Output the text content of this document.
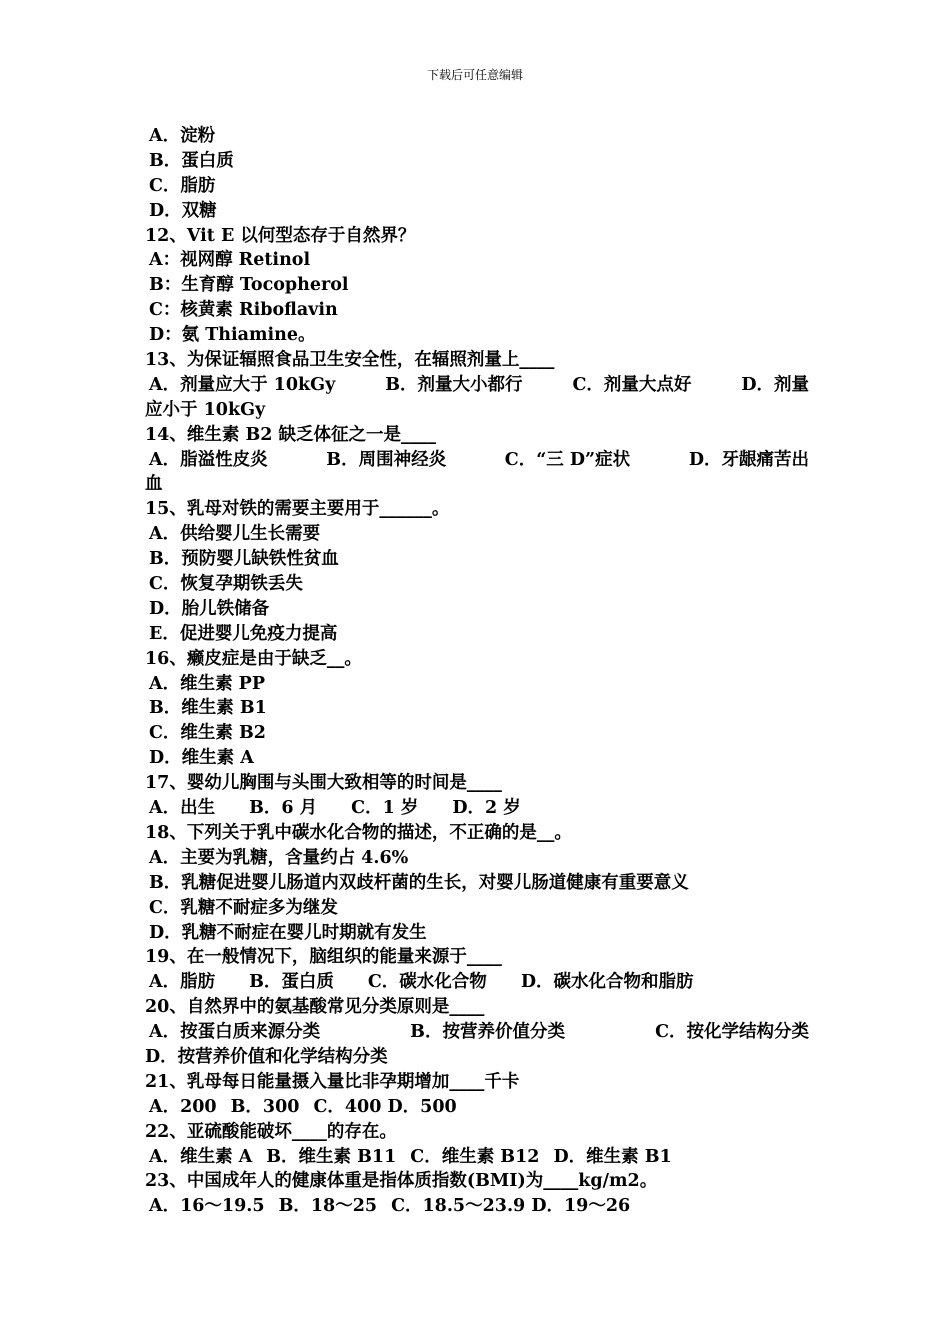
下载后可任意编辑
A．淀粉
B．蛋白质
C．脂肪
D．双糖
12、Vit E 以何型态存于自然界？
A：视网醇 Retinol
B：生育醇 Tocopherol
C：核黄素 Riboflavin
D：氨 Thiamine。
13、为保证辐照食品卫生安全性，在辐照剂量上____
A．剂量应大于 10kGy	B．剂量大小都行	C．剂量大点好	D．剂量
应小于 10kGy
14、维生素 B2 缺乏体征之一是____
A．脂溢性皮炎	B．周围神经炎	C．“三 D”症状	D．牙龈痛苦出
血
15、乳母对铁的需要主要用于______。
A．供给婴儿生长需要
B．预防婴儿缺铁性贫血
C．恢复孕期铁丢失
D．胎儿铁储备
E．促进婴儿免疫力提高
16、癞皮症是由于缺乏__。
A．维生素 PP
B．维生素 B1
C．维生素 B2
D．维生素 A
17、婴幼儿胸围与头围大致相等的时间是____
A．出生 B．6 月 C．1 岁 D．2 岁
18、下列关于乳中碳水化合物的描述，不正确的是__。
A．主要为乳糖，含量约占 4.6%
B．乳糖促进婴儿肠道内双歧杆菌的生长，对婴儿肠道健康有重要意义
C．乳糖不耐症多为继发
D．乳糖不耐症在婴儿时期就有发生
19、在一般情况下，脑组织的能量来源于____
A．脂肪 B．蛋白质 C．碳水化合物 D．碳水化合物和脂肪
20、自然界中的氨基酸常见分类原则是____
A．按蛋白质来源分类	B．按营养价值分类	C．按化学结构分类
D．按营养价值和化学结构分类
21、乳母每日能量摄入量比非孕期增加____千卡
A．200 B．300 C．400 D．500
22、亚硫酸能破坏____的存在。
A．维生素 A B．维生素 B11 C．维生素 B12 D．维生素 B1
23、中国成年人的健康体重是指体质指数(BMI)为____kg/m2。
A．16～19.5 B．18～25 C．18.5～23.9 D．19～26
